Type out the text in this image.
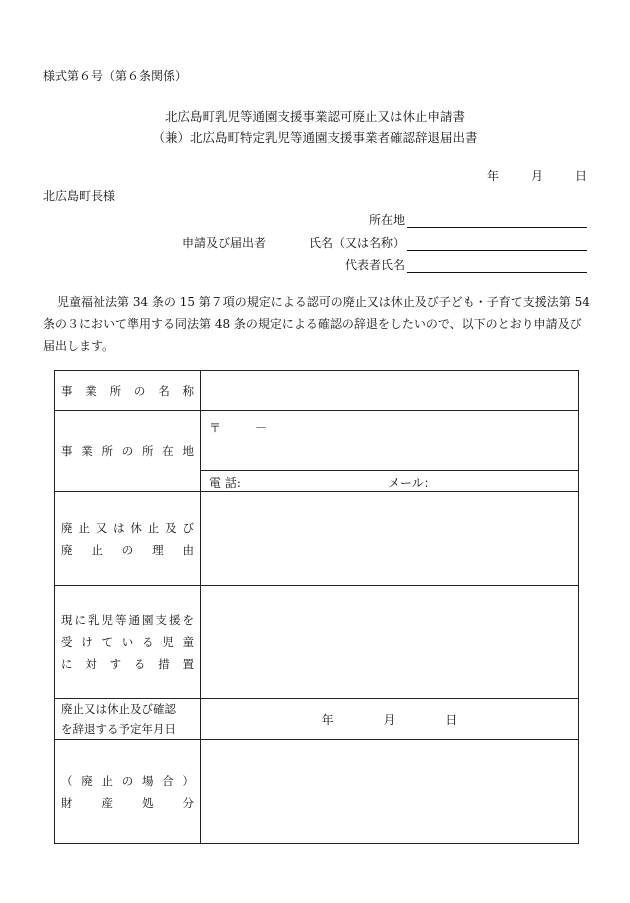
様式第６号（第６条関係）
北広島町乳児等通園支援事業認可廃止又は休止申請書
（兼）北広島町特定乳児等通園支援事業者確認辞退届出書
年	月	日
北広島町長様
申請及び届出者
所在地
氏名（又は名称）
代表者氏名
児童福祉法第 34 条の 15 第７項の規定による認可の廃止又は休止及び子ども・子育て支援法第 54 条の３において準用する同法第 48 条の規定による確認の辞退をしたいので、以下のとおり申請及び届出します。
事 業 所 の 名 称	

事 業 所 の 所 在 地	〒 －

	電 話: メール：

廃止又は休止及び
廃 止 の 理 由	

現に乳児等通園支援を
受 け て い る 児 童
に 対 す る 措 置	

廃止又は休止及び確認
を辞退する予定年月日	年 月 日

（ 廃 止 の 場 合 ）
財 産 処 分	
